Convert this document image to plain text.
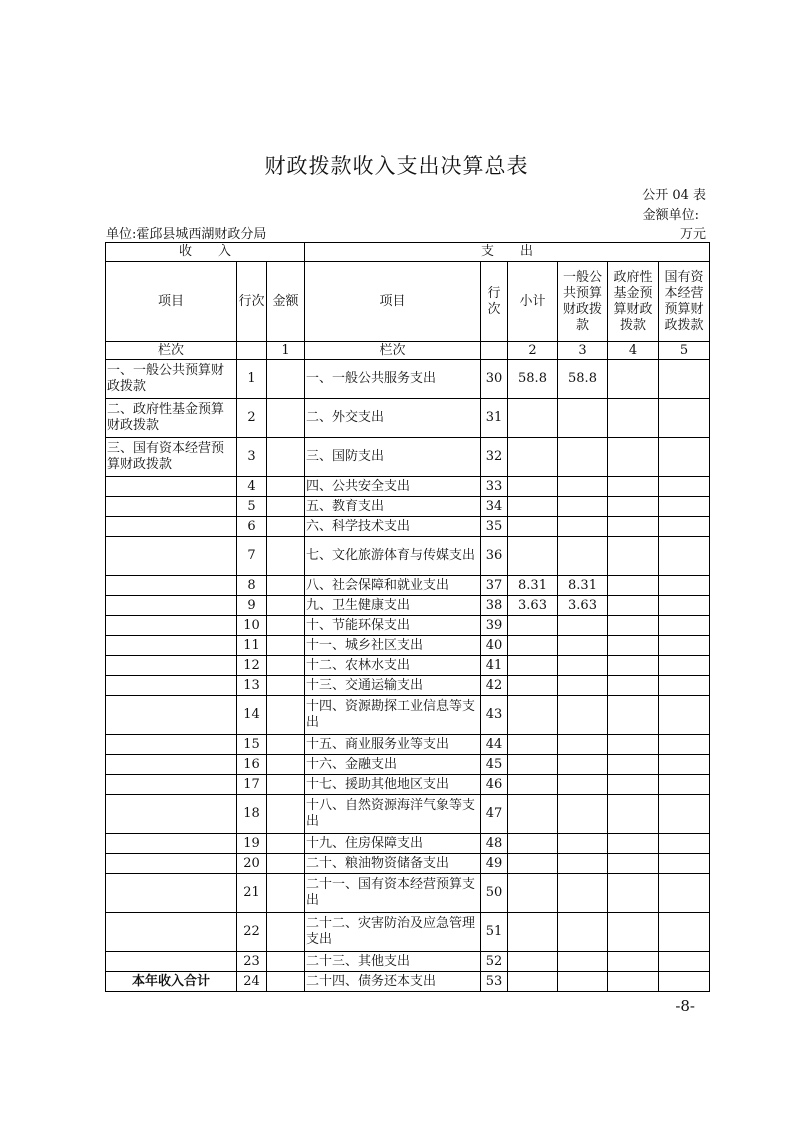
财政拨款收入支出决算总表
公开 04 表
金额单位:
万元
单位:霍邱县城西湖财政分局
收　　入			支　　出					
项目	行次	金额	项目	行次	小计	一般公共预算财政拨款	政府性基金预算财政拨款	国有资本经营预算财政拨款
栏次		1	栏次		2	3	4	5
一、一般公共预算财政拨款	1		一、一般公共服务支出	30	58.8	58.8		
二、政府性基金预算财政拨款	2		二、外交支出	31				
三、国有资本经营预算财政拨款	3		三、国防支出	32				
	4		四、公共安全支出	33				
	5		五、教育支出	34				
	6		六、科学技术支出	35				
	7		七、文化旅游体育与传媒支出	36				
	8		八、社会保障和就业支出	37	8.31	8.31		
	9		九、卫生健康支出	38	3.63	3.63		
	10		十、节能环保支出	39				
	11		十一、城乡社区支出	40				
	12		十二、农林水支出	41				
	13		十三、交通运输支出	42				
	14		十四、资源勘探工业信息等支出	43				
	15		十五、商业服务业等支出	44				
	16		十六、金融支出	45				
	17		十七、援助其他地区支出	46				
	18		十八、自然资源海洋气象等支出	47				
	19		十九、住房保障支出	48				
	20		二十、粮油物资储备支出	49				
	21		二十一、国有资本经营预算支出	50				
	22		二十二、灾害防治及应急管理支出	51				
	23		二十三、其他支出	52				
本年收入合计	24		二十四、债务还本支出	53				
-8-
